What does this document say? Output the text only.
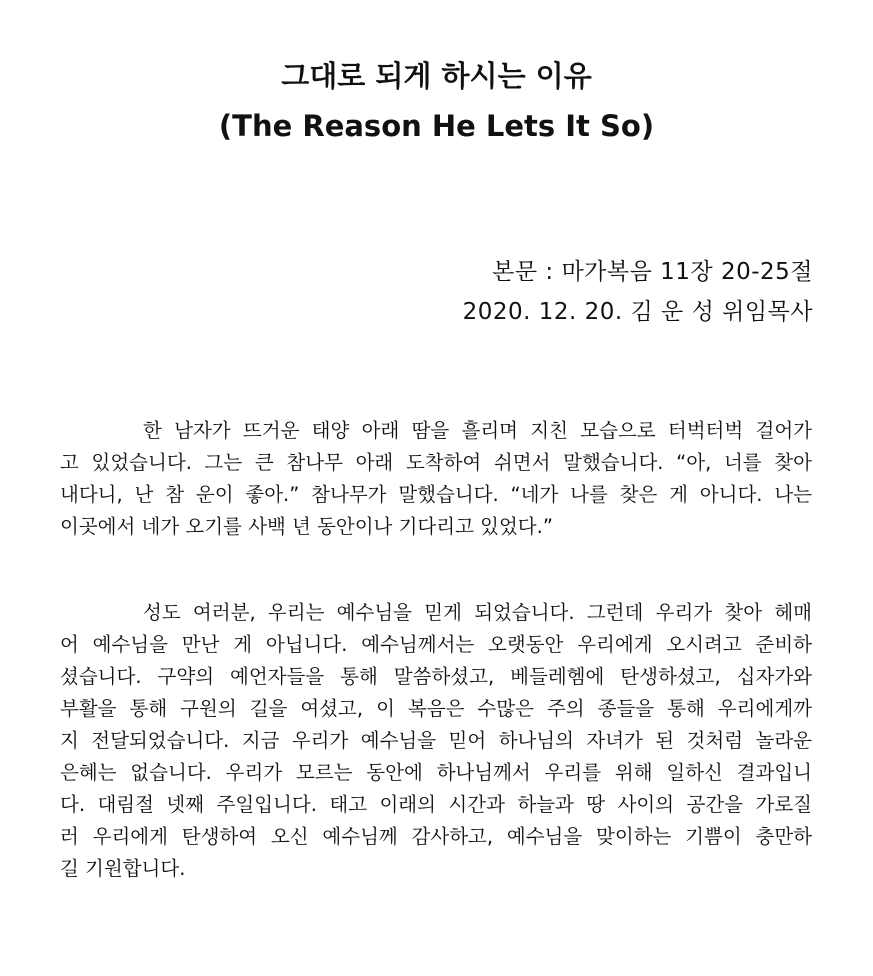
그대로 되게 하시는 이유
(The Reason He Lets It So)

본문 : 마가복음 11장 20-25절

2020. 12. 20. 김 운 성 위임목사

한 남자가 뜨거운 태양 아래 땀을 흘리며 지친 모습으로 터벅터벅 걸어가
고 있었습니다. 그는 큰 참나무 아래 도착하여 쉬면서 말했습니다. “아, 너를 찾아
내다니, 난 참 운이 좋아.” 참나무가 말했습니다. “네가 나를 찾은 게 아니다. 나는
이곳에서 네가 오기를 사백 년 동안이나 기다리고 있었다.”
성도 여러분, 우리는 예수님을 믿게 되었습니다. 그런데 우리가 찾아 헤매
어 예수님을 만난 게 아닙니다. 예수님께서는 오랫동안 우리에게 오시려고 준비하
셨습니다. 구약의 예언자들을 통해 말씀하셨고, 베들레헴에 탄생하셨고, 십자가와
부활을 통해 구원의 길을 여셨고, 이 복음은 수많은 주의 종들을 통해 우리에게까
지 전달되었습니다. 지금 우리가 예수님을 믿어 하나님의 자녀가 된 것처럼 놀라운
은혜는 없습니다. 우리가 모르는 동안에 하나님께서 우리를 위해 일하신 결과입니
다. 대림절 넷째 주일입니다. 태고 이래의 시간과 하늘과 땅 사이의 공간을 가로질
러 우리에게 탄생하여 오신 예수님께 감사하고, 예수님을 맞이하는 기쁨이 충만하
길 기원합니다.
